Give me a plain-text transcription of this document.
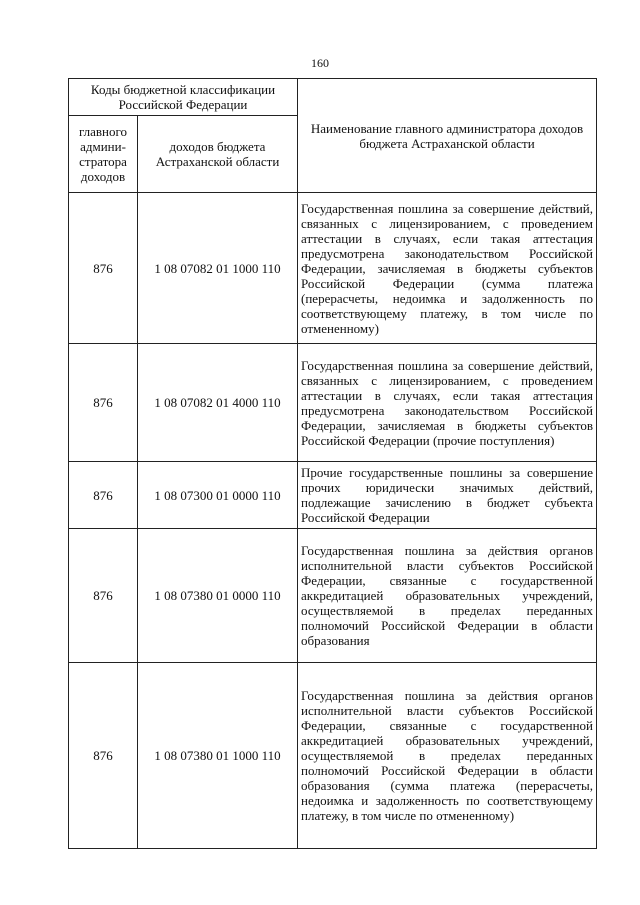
160
Коды бюджетной классификации Российской Федерации		Наименование главного администратора доходов бюджета Астраханской области
главного админи-стратора доходов	доходов бюджета Астраханской области	
876	1 08 07082 01 1000 110	Государственная пошлина за совершение действий, связанных с лицензированием, с проведением аттестации в случаях, если такая аттестация предусмотрена законодательством Российской Федерации, зачисляемая в бюджеты субъектов Российской Федерации (сумма платежа (перерасчеты, недоимка и задолженность по соответствующему платежу, в том числе по отмененному)
876	1 08 07082 01 4000 110	Государственная пошлина за совершение действий, связанных с лицензированием, с проведением аттестации в случаях, если такая аттестация предусмотрена законодательством Российской Федерации, зачисляемая в бюджеты субъектов Российской Федерации (прочие поступления)
876	1 08 07300 01 0000 110	Прочие государственные пошлины за совершение прочих юридически значимых действий, подлежащие зачислению в бюджет субъекта Российской Федерации
876	1 08 07380 01 0000 110	Государственная пошлина за действия органов исполнительной власти субъектов Российской Федерации, связанные с государственной аккредитацией образовательных учреждений, осуществляемой в пределах переданных полномочий Российской Федерации в области образования
876	1 08 07380 01 1000 110	Государственная пошлина за действия органов исполнительной власти субъектов Российской Федерации, связанные с государственной аккредитацией образовательных учреждений, осуществляемой в пределах переданных полномочий Российской Федерации в области образования (сумма платежа (перерасчеты, недоимка и задолженность по соответствующему платежу, в том числе по отмененному)
